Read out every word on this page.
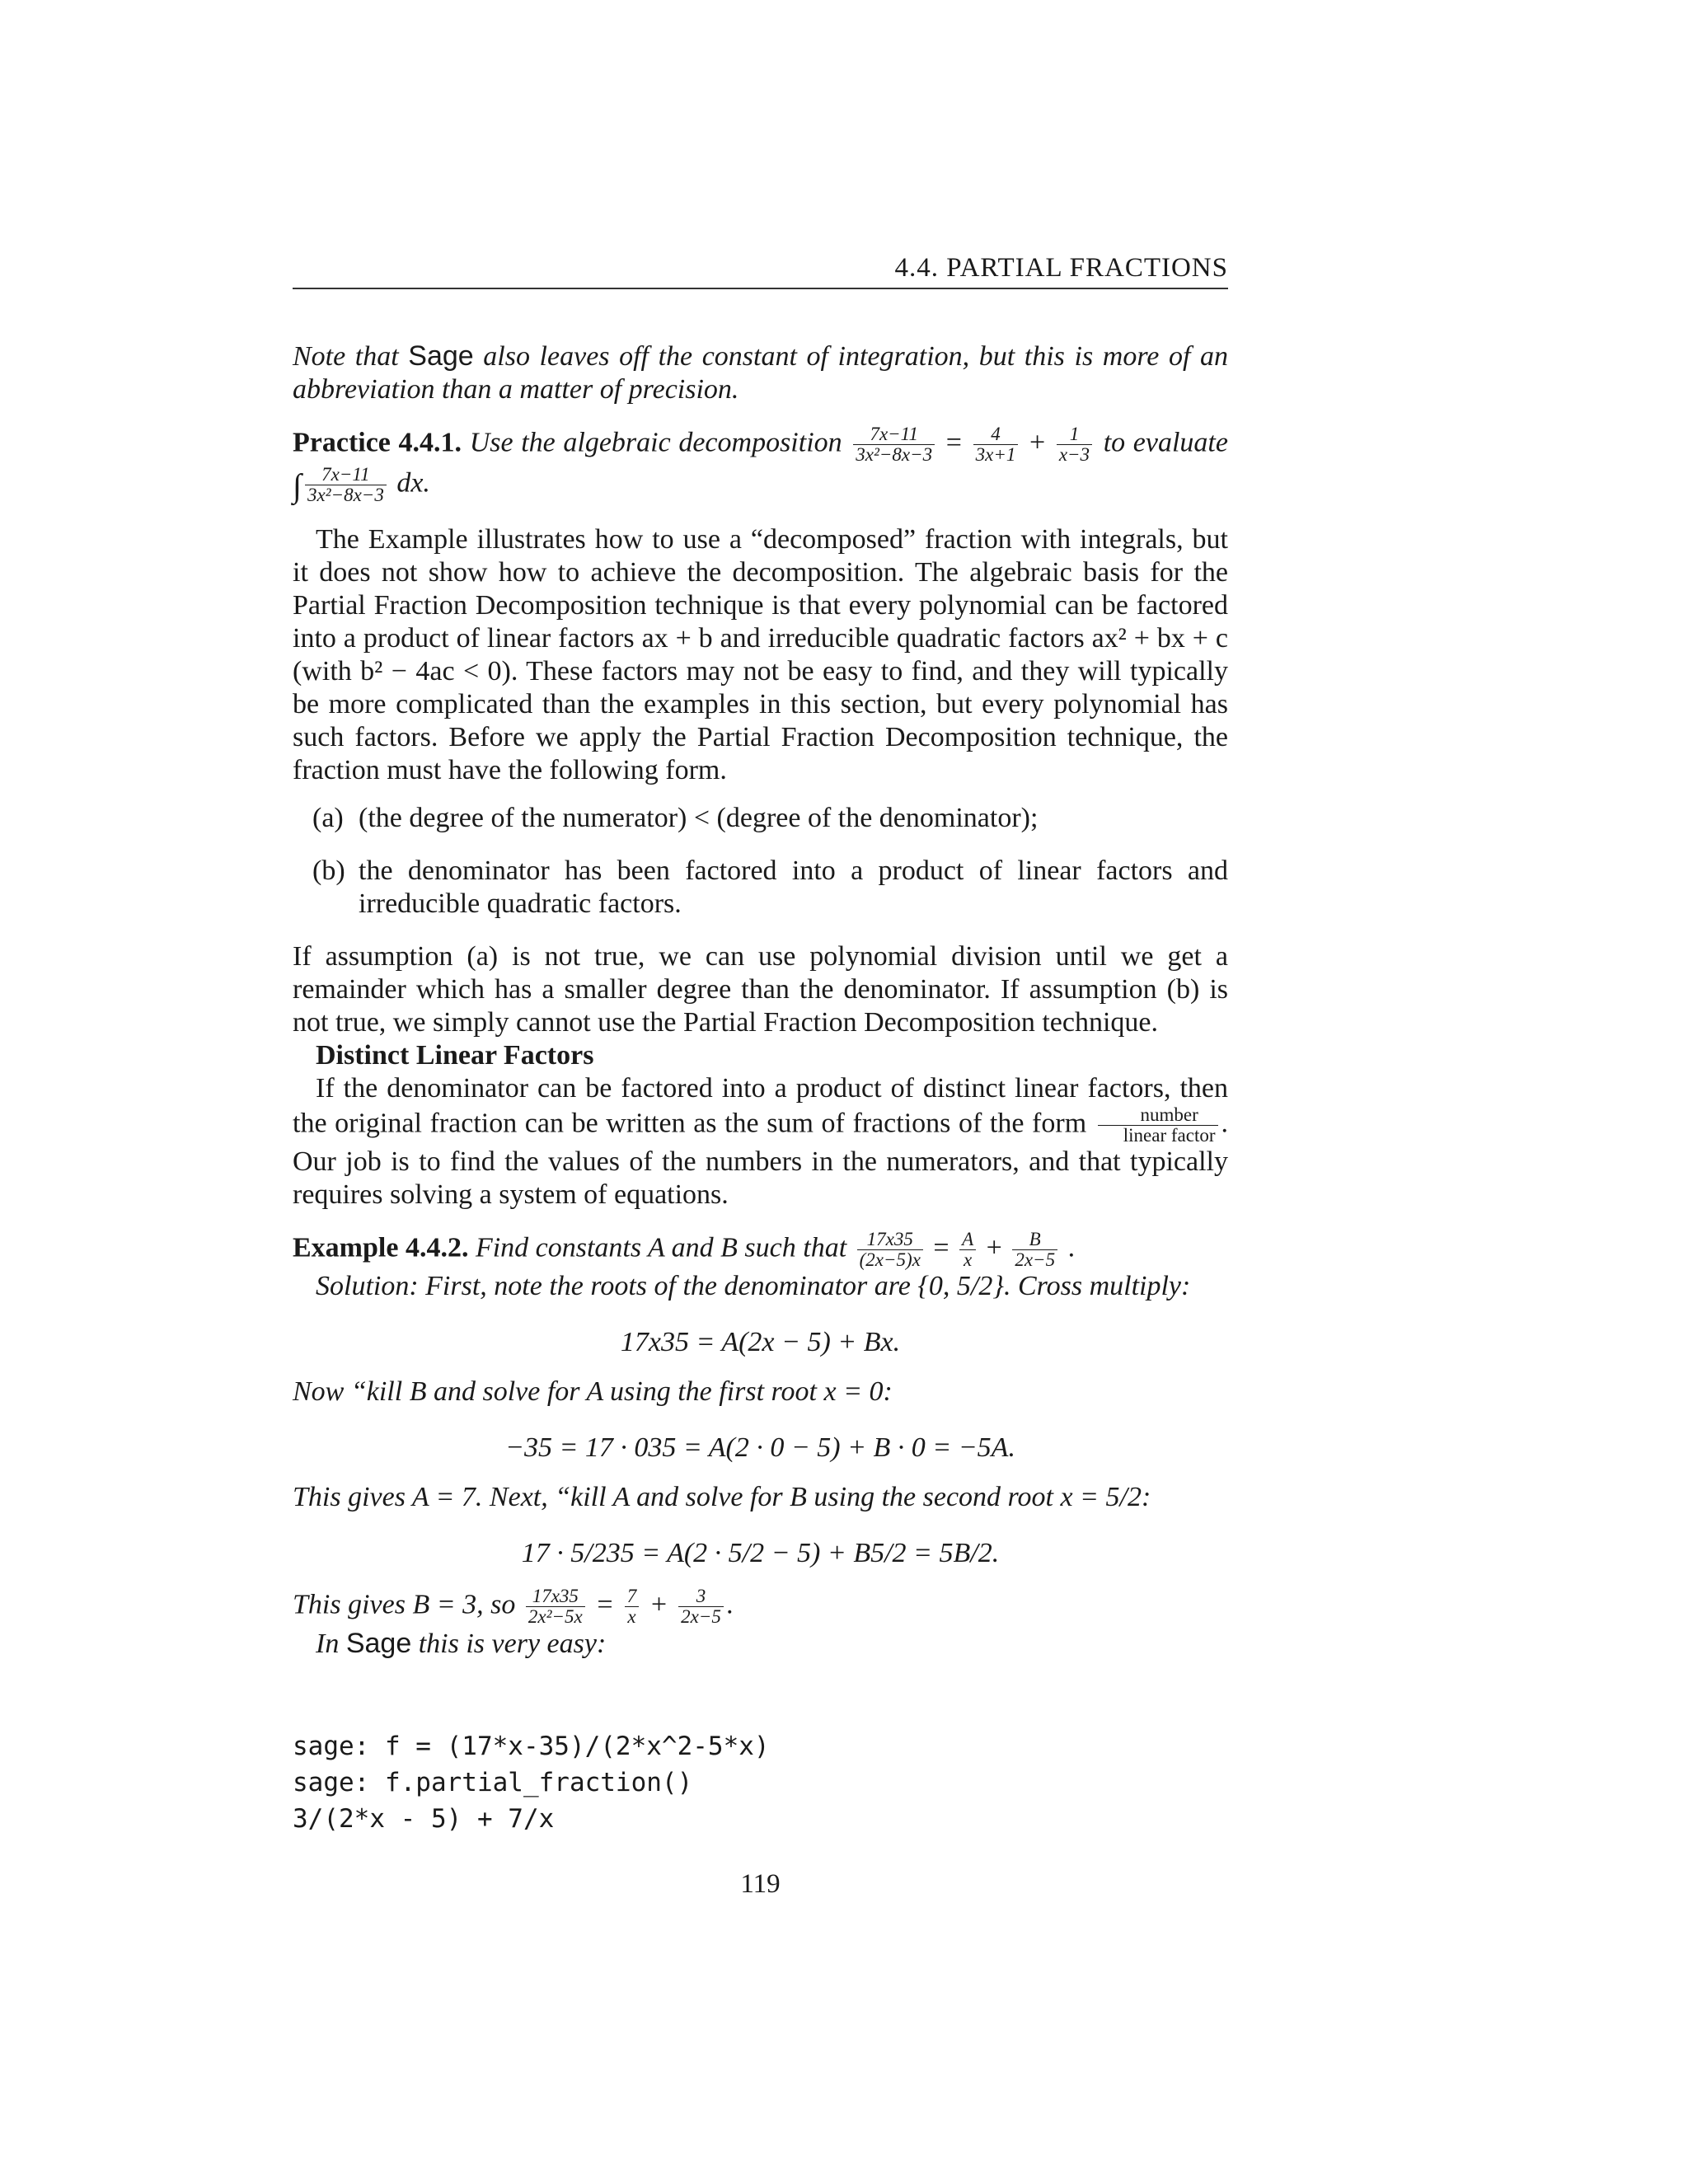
4.4. PARTIAL FRACTIONS

Note that Sage also leaves off the constant of integration, but this is more of an abbreviation than a matter of precision.

Practice 4.4.1. Use the algebraic decomposition $\frac{7x-11}{\text{3x²−8x−3}} = \frac{4}{3x+1} + \frac{1}{x-3}$ to evaluate ∫ $\frac{7x-11}{\text{3x²−8x−3}}$ dx.

The Example illustrates how to use a “decomposed” fraction with integrals, but it does not show how to achieve the decomposition. The algebraic basis for the Partial Fraction Decomposition technique is that every polynomial can be factored into a product of linear factors ax + b and irreducible quadratic factors ax² + bx + c (with b² − 4ac < 0). These factors may not be easy to find, and they will typically be more complicated than the examples in this section, but every polynomial has such factors. Before we apply the Partial Fraction Decomposition technique, the fraction must have the following form.

(a) (the degree of the numerator) < (degree of the denominator);
(b) the denominator has been factored into a product of linear factors and irreducible quadratic factors.

If assumption (a) is not true, we can use polynomial division until we get a remainder which has a smaller degree than the denominator. If assumption (b) is not true, we simply cannot use the Partial Fraction Decomposition technique.

Distinct Linear Factors

If the denominator can be factored into a product of distinct linear factors, then the original fraction can be written as the sum of fractions of the form $\frac{\text{number}}{\text{linear factor}}$ . Our job is to find the values of the numbers in the numerators, and that typically requires solving a system of equations.

Example 4.4.2. Find constants A and B such that $\frac{17x35}{(2x-5)x} = \frac{A}{x} + \frac{B}{2x-5}$ .

Solution: First, note the roots of the denominator are {0, 5/2}. Cross multiply:

17x35 = A(2x − 5) + Bx.

Now “kill B and solve for A using the first root x = 0:

−35 = 17 · 035 = A(2 · 0 − 5) + B · 0 = −5A.

This gives A = 7. Next, “kill A and solve for B using the second root x = 5/2:

17 · 5/235 = A(2 · 5/2 − 5) + B5/2 = 5B/2.

This gives B = 3, so $\frac{17x35}{\text{2x²−5x}} = \frac{7}{x} + \frac{3}{2x-5}$ .

In Sage this is very easy:

sage: f = (17*x-35)/(2*x^2-5*x)
sage: f.partial_fraction()
3/(2*x - 5) + 7/x
119
